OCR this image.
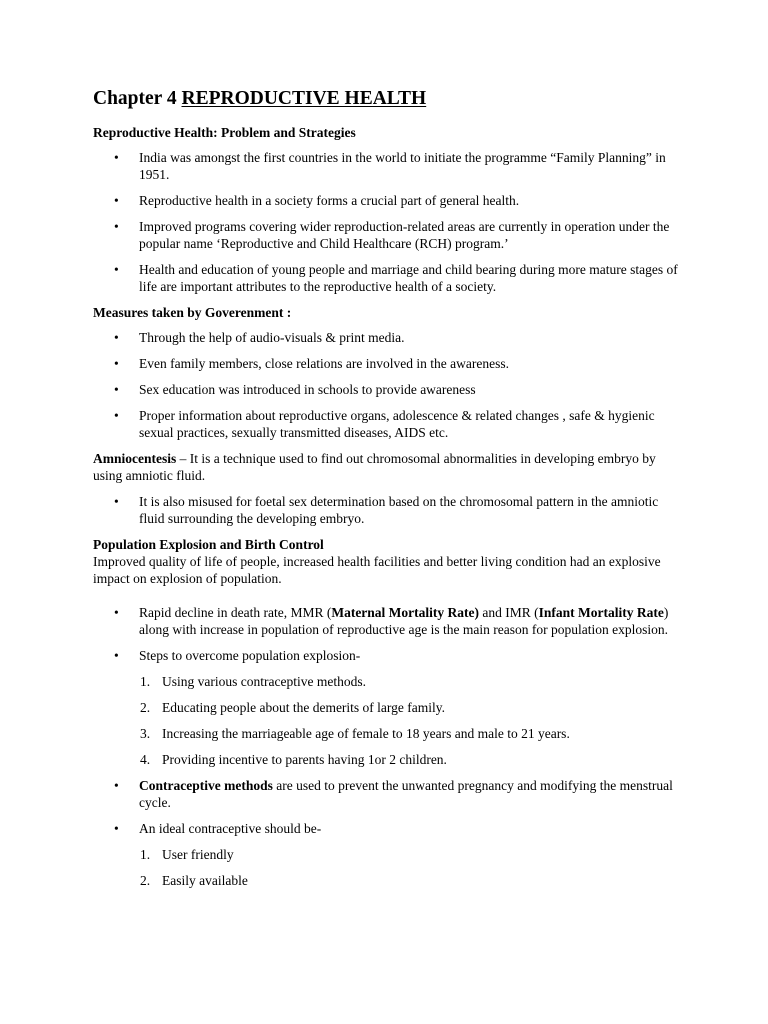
Chapter 4 REPRODUCTIVE HEALTH
Reproductive Health: Problem and Strategies
• India was amongst the first countries in the world to initiate the programme “Family Planning” in 1951.
• Reproductive health in a society forms a crucial part of general health.
• Improved programs covering wider reproduction-related areas are currently in operation under the popular name ‘Reproductive and Child Healthcare (RCH) program.’
• Health and education of young people and marriage and child bearing during more mature stages of life are important attributes to the reproductive health of a society.
Measures taken by Goverenment :
• Through the help of audio-visuals & print media.
• Even family members, close relations are involved in the awareness.
• Sex education was introduced in schools to provide awareness
• Proper information about reproductive organs, adolescence & related changes , safe & hygienic sexual practices, sexually transmitted diseases, AIDS etc.

Amniocentesis – It is a technique used to find out chromosomal abnormalities in developing embryo by using amniotic fluid.

• It is also misused for foetal sex determination based on the chromosomal pattern in the amniotic fluid surrounding the developing embryo.
Population Explosion and Birth Control

Improved quality of life of people, increased health facilities and better living condition had an explosive impact on explosion of population.

• Rapid decline in death rate, MMR (Maternal Mortality Rate) and IMR (Infant Mortality Rate) along with increase in population of reproductive age is the main reason for population explosion.
• Steps to overcome population explosion-
1. Using various contraceptive methods.
2. Educating people about the demerits of large family.
3. Increasing the marriageable age of female to 18 years and male to 21 years.
4. Providing incentive to parents having 1or 2 children.
• Contraceptive methods are used to prevent the unwanted pregnancy and modifying the menstrual cycle.
• An ideal contraceptive should be-
1. User friendly
2. Easily available
